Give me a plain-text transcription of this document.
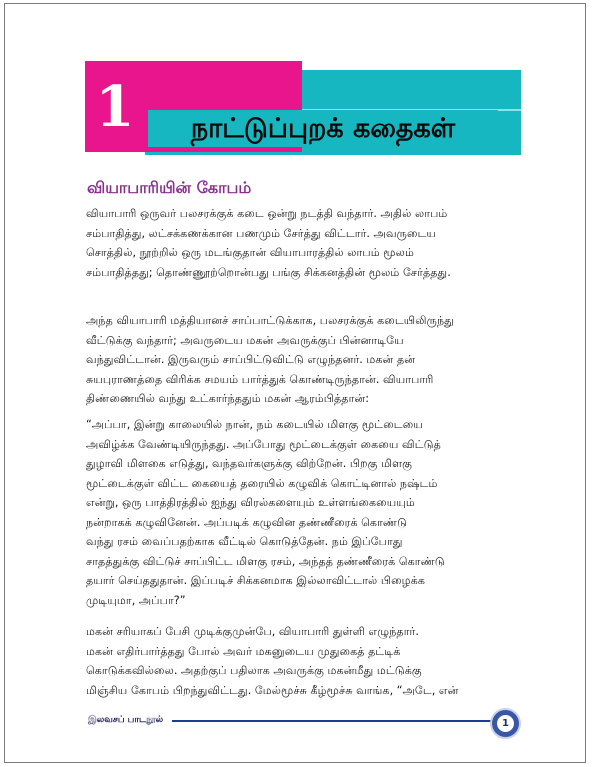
1	நாட்டுப்புறக் கதைகள்
வியாபாரியின் கோபம்

வியாபாரி ஒருவர் பலசரக்குக் கடை ஒன்று நடத்தி வந்தார். அதில் லாபம்
சம்பாதித்து, லட்சக்கணக்கான பணமும் சேர்த்து விட்டார். அவருடைய
சொத்தில், நூற்றில் ஒரு மடங்குதான் வியாபாரத்தில் லாபம் மூலம்
சம்பாதித்தது; தொண்ணூற்றொன்பது பங்கு சிக்கனத்தின் மூலம் சேர்த்தது.

அந்த வியாபாரி மத்தியானச் சாப்பாட்டுக்காக, பலசரக்குக் கடையிலிருந்து
வீட்டுக்கு வந்தார்; அவருடைய மகன் அவருக்குப் பின்னாடியே
வந்துவிட்டான். இருவரும் சாப்பிட்டுவிட்டு எழுந்தனர். மகன் தன்
சுயபுராணத்தை விரிக்க சமயம் பார்த்துக் கொண்டிருந்தான். வியாபாரி
திண்ணையில் வந்து உட்கார்ந்ததும் மகன் ஆரம்பித்தான்:

“அப்பா, இன்று காலையில் நான், நம் கடையில் மிளகு மூட்டையை
அவிழ்க்க வேண்டியிருந்தது. அப்போது மூட்டைக்குள் கையை விட்டுத்
துழாவி மிளகை எடுத்து, வந்தவர்களுக்கு விற்றேன். பிறகு மிளகு
மூட்டைக்குள் விட்ட கையைத் தரையில் கழுவிக் கொட்டினால் நஷ்டம்
என்று, ஒரு பாத்திரத்தில் ஐந்து விரல்களையும் உள்ளங்கையையும்
நன்றாகக் கழுவினேன். அப்படிக் கழுவின தண்ணீரைக் கொண்டு
வந்து ரசம் வைப்பதற்காக வீட்டில் கொடுத்தேன். நம் இப்போது
சாதத்துக்கு விட்டுச் சாப்பிட்ட மிளகு ரசம், அந்தத் தண்ணீரைக் கொண்டு
தயார் செய்ததுதான். இப்படிச் சிக்கனமாக இல்லாவிட்டால் பிழைக்க
முடியுமா, அப்பா?”

மகன் சரியாகப் பேசி முடிக்குமுன்பே, வியாபாரி துள்ளி எழுந்தார்.
மகன் எதிர்பார்த்தது போல் அவர் மகனுடைய முதுகைத் தட்டிக்
கொடுக்கவில்லை. அதற்குப் பதிலாக அவருக்கு மகன்மீது மட்டுக்கு
மிஞ்சிய கோபம் பிறந்துவிட்டது. மேல்மூச்சு கீழ்மூச்சு வாங்க, “அடே, என்

இலவசப் பாடநூல்	1
